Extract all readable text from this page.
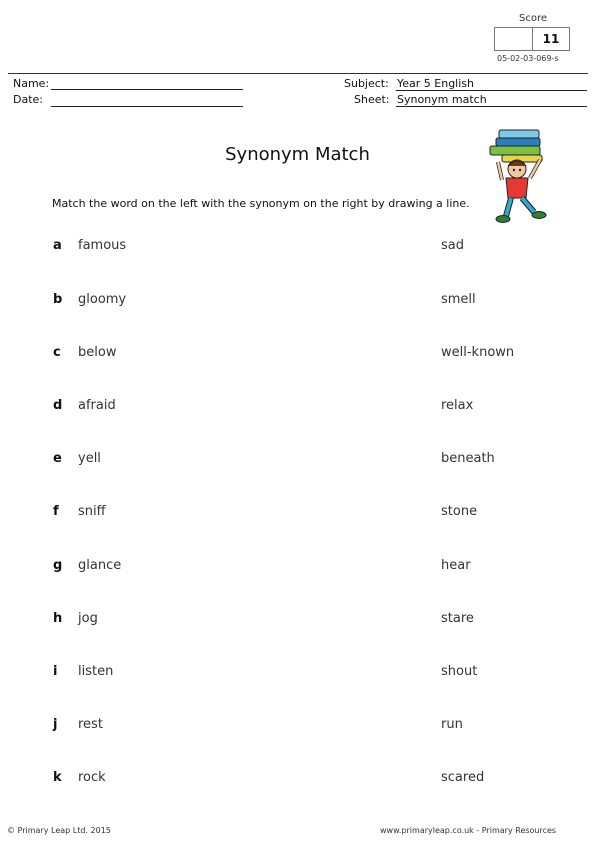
Score
11
05-02-03-069-s
Name:
Date:
Subject: Year 5 English
Sheet: Synonym match
Synonym Match
Match the word on the left with the synonym on the right by drawing a line.
a famous	sad
b gloomy	smell
c	below	well-known
d afraid	relax
e yell	beneath
f	sniff	stone
g glance	hear
h jog	stare
i	listen	shout
j	rest	run
k rock	scared
© Primary Leap Ltd. 2015	www.primaryleap.co.uk - Primary Resources
